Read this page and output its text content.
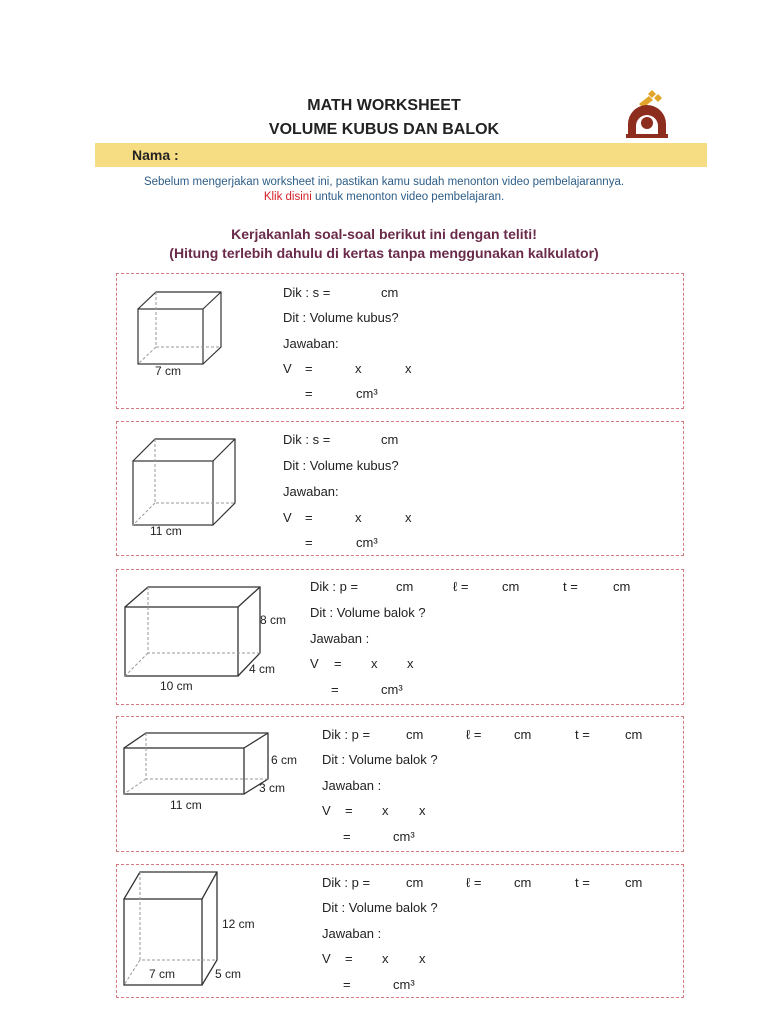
MATH WORKSHEET
VOLUME KUBUS DAN BALOK
Nama :
Sebelum mengerjakan worksheet ini, pastikan kamu sudah menonton video pembelajarannya.
Klik disini untuk menonton video pembelajaran.
Kerjakanlah soal-soal berikut ini dengan teliti!
(Hitung terlebih dahulu di kertas tanpa menggunakan kalkulator)
7 cm
Dik : s =	cm
Dit : Volume kubus?
Jawaban:
V =	x	x
=	cm³
11 cm
Dik : s =	cm
Dit : Volume kubus?
Jawaban:
V =	x	x
=	cm³
8 cm
4 cm
10 cm
Dik : p =	cm	ℓ =	cm	t =	cm
Dit : Volume balok ?
Jawaban :
V = x x
=	cm³
6 cm
3 cm
11 cm
Dik : p =	cm	ℓ =	cm	t =	cm
Dit : Volume balok ?
Jawaban :
V = x x
=	cm³
12 cm
5 cm
7 cm
Dik : p =	cm	ℓ =	cm	t =	cm
Dit : Volume balok ?
Jawaban :
V = x x
=	cm³
